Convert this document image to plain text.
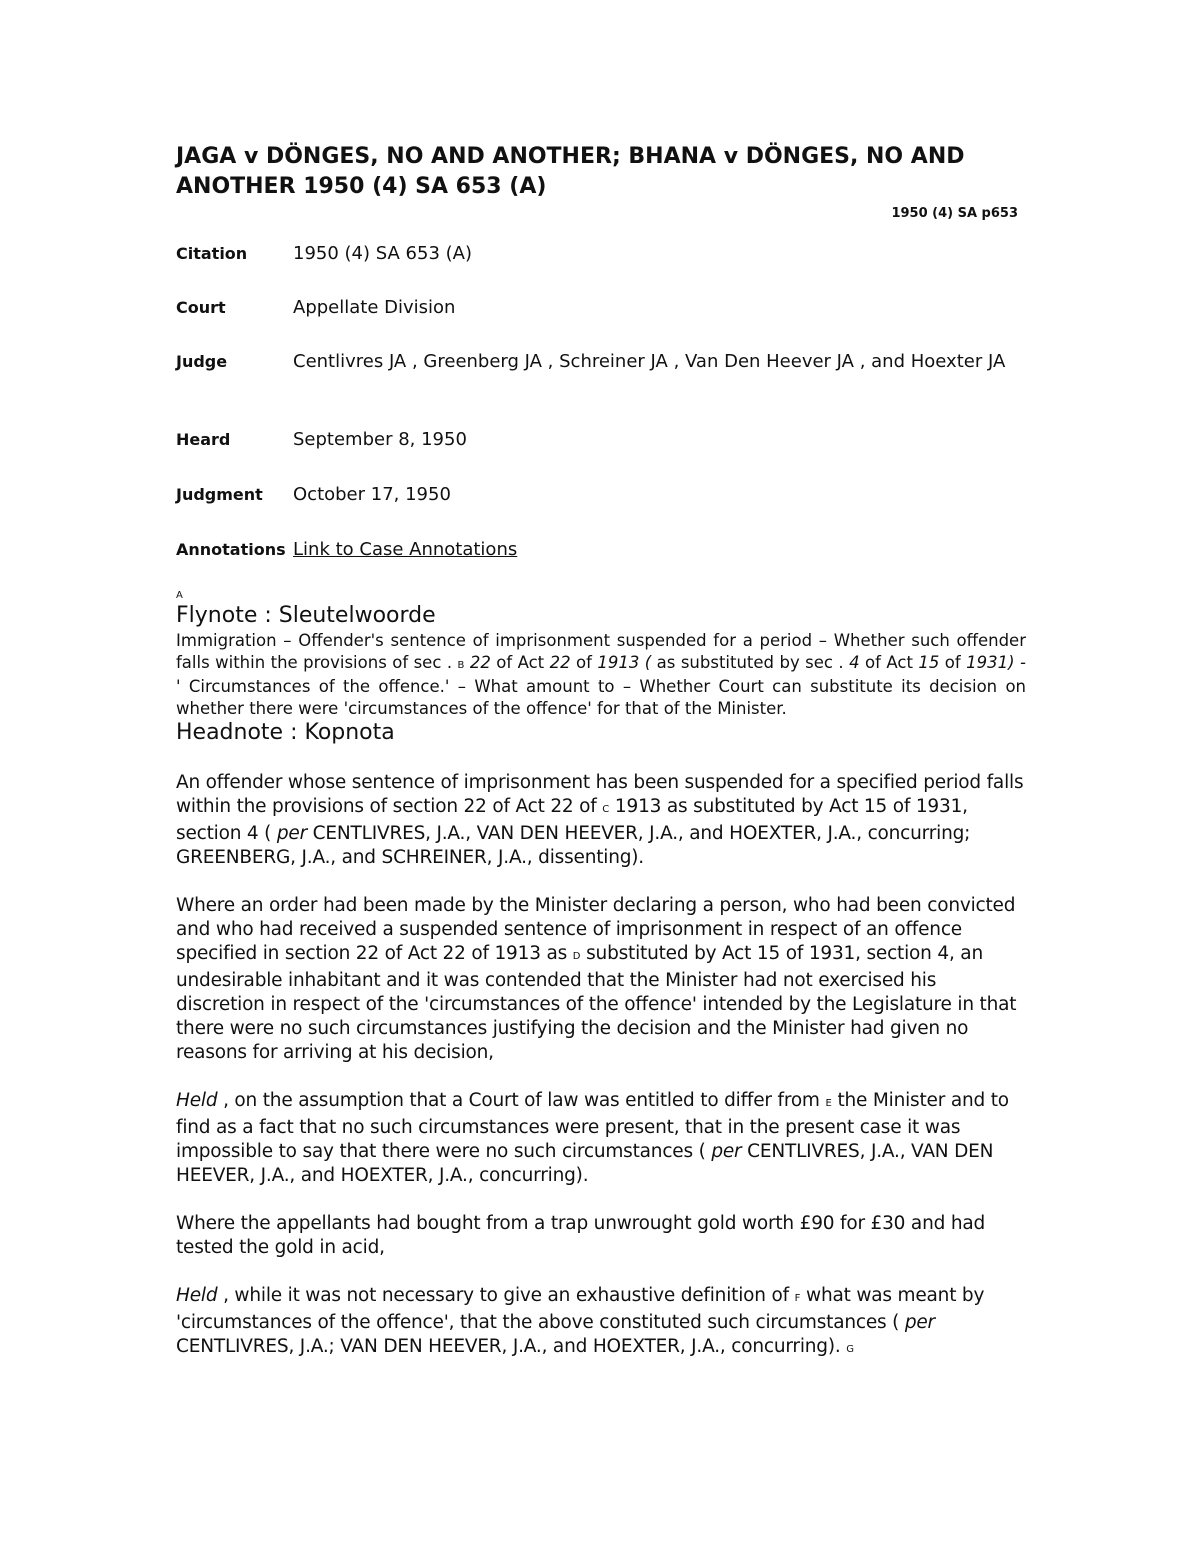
JAGA v DÖNGES, NO AND ANOTHER; BHANA v DÖNGES, NO AND ANOTHER 1950 (4) SA 653 (A)
1950 (4) SA p653
Citation	1950 (4) SA 653 (A)
Court	Appellate Division
Judge	Centlivres JA , Greenberg JA , Schreiner JA , Van Den Heever JA , and Hoexter JA
Heard	September 8, 1950
Judgment	October 17, 1950
Annotations Link to Case Annotations
A
Flynote : Sleutelwoorde

Immigration – Offender's sentence of imprisonment suspended for a period – Whether such offender falls within the provisions of sec . B 22 of Act 22 of 1913 ( as substituted by sec . 4 of Act 15 of 1931) - ' Circumstances of the offence.' – What amount to – Whether Court can substitute its decision on whether there were 'circumstances of the offence' for that of the Minister.

Headnote : Kopnota

An offender whose sentence of imprisonment has been suspended for a specified period falls within the provisions of section 22 of Act 22 of C 1913 as substituted by Act 15 of 1931, section 4 ( per CENTLIVRES, J.A., VAN DEN HEEVER, J.A., and HOEXTER, J.A., concurring; GREENBERG, J.A., and SCHREINER, J.A., dissenting).

Where an order had been made by the Minister declaring a person, who had been convicted and who had received a suspended sentence of imprisonment in respect of an offence specified in section 22 of Act 22 of 1913 as D substituted by Act 15 of 1931, section 4, an undesirable inhabitant and it was contended that the Minister had not exercised his discretion in respect of the 'circumstances of the offence' intended by the Legislature in that there were no such circumstances justifying the decision and the Minister had given no reasons for arriving at his decision,

Held , on the assumption that a Court of law was entitled to differ from E the Minister and to find as a fact that no such circumstances were present, that in the present case it was impossible to say that there were no such circumstances ( per CENTLIVRES, J.A., VAN DEN HEEVER, J.A., and HOEXTER, J.A., concurring).

Where the appellants had bought from a trap unwrought gold worth £90 for £30 and had tested the gold in acid,

Held , while it was not necessary to give an exhaustive definition of F what was meant by 'circumstances of the offence', that the above constituted such circumstances ( per CENTLIVRES, J.A.; VAN DEN HEEVER, J.A., and HOEXTER, J.A., concurring). G
